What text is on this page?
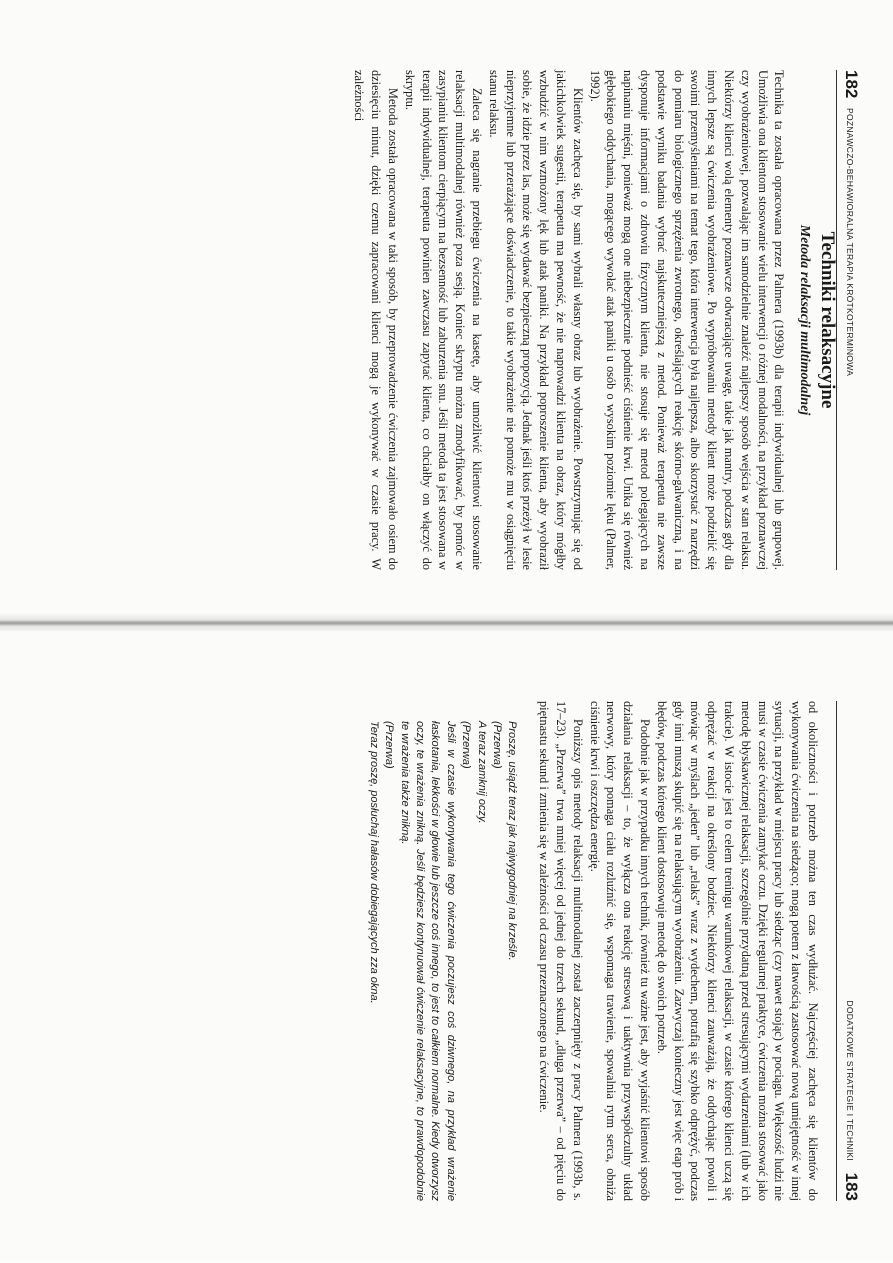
182
POZNAWCZO-BEHAWIORALNA TERAPIA KRÓTKOTERMINOWA
Techniki relaksacyjne
Metoda relaksacji multimodalnej

Technika ta została opracowana przez Palmera (1993b) dla terapii indywidualnej lub grupowej. Umożliwia ona klientom stosowanie wielu interwencji o różnej modalności, na przykład poznawczej czy wyobrażeniowej, pozwalając im samodzielnie znaleźć najlepszy sposób wejścia w stan relaksu. Niektórzy klienci wolą elementy poznawcze odwracające uwagę, takie jak mantry, podczas gdy dla innych lepsze są ćwiczenia wyobrażeniowe. Po wypróbowaniu metody klient może podzielić się swoimi przemyśleniami na temat tego, która interwencja była najlepsza, albo skorzystać z narzędzi do pomiaru biologicznego sprzężenia zwrotnego, określających reakcję skórno-galwaniczną, i na podstawie wyniku badania wybrać najskuteczniejszą z metod. Ponieważ terapeuta nie zawsze dysponuje informacjami o zdrowiu fizycznym klienta, nie stosuje się metod polegających na napinaniu mięśni, ponieważ mogą one niebezpiecznie podnieść ciśnienie krwi. Unika się również głębokiego oddychania, mogącego wywołać atak paniki u osób o wysokim poziomie lęku (Palmer, 1992).

Klientów zachęca się, by sami wybrali własny obraz lub wyobrażenie. Powstrzymując się od jakichkolwiek sugestii, terapeuta ma pewność, że nie naprowadzi klienta na obraz, który mógłby wzbudzić w nim wzmożony lęk lub atak paniki. Na przykład poproszenie klienta, aby wyobraził sobie, że idzie przez las, może się wydawać bezpieczną propozycją. Jednak jeśli ktoś przeżył w lesie nieprzyjemne lub przerażające doświadczenie, to takie wyobrażenie nie pomoże mu w osiągnięciu stanu relaksu.

Zaleca się nagranie przebiegu ćwiczenia na kasetę, aby umożliwić klientowi stosowanie relaksacji multimodalnej również poza sesją. Koniec skryptu można zmodyfikować, by pomóc w zasypianiu klientom cierpiącym na bezsenność lub zaburzenia snu. Jeśli metoda ta jest stosowana w terapii indywidualnej, terapeuta powinien zawczasu zapytać klienta, co chciałby on włączyć do skryptu.

Metoda została opracowana w taki sposób, by przeprowadzenie ćwiczenia zajmowało osiem do dziesięciu minut, dzięki czemu zapracowani klienci mogą je wykonywać w czasie pracy. W zależności

DODATKOWE STRATEGIE I TECHNIKI
183

od okoliczności i potrzeb można ten czas wydłużać. Najczęściej zachęca się klientów do wykonywania ćwiczenia na siedząco; mogą potem z łatwością zastosować nową umiejętność w innej sytuacji, na przykład w miejscu pracy lub siedząc (czy nawet stojąc) w pociągu. Większość ludzi nie musi w czasie ćwiczenia zamykać oczu. Dzięki regularnej praktyce, ćwiczenia można stosować jako metodę błyskawicznej relaksacji, szczególnie przydatną przed stresującymi wydarzeniami (lub w ich trakcie). W istocie jest to celem treningu warunkowej relaksacji, w czasie którego klienci uczą się odprężać w reakcji na określony bodziec. Niektórzy klienci zauważają, że oddychając powoli i mówiąc w myślach „jeden” lub „relaks” wraz z wydechem, potrafią się szybko odprężyć, podczas gdy inni muszą skupić się na relaksującym wyobrażeniu. Zazwyczaj konieczny jest więc etap prób i błędów, podczas którego klient dostosowuje metodę do swoich potrzeb.

Podobnie jak w przypadku innych technik, również tu ważne jest, aby wyjaśnić klientowi sposób działania relaksacji – to, że wyłącza ona reakcję stresową i uaktywnia przywspółczulny układ nerwowy, który pomaga ciału rozluźnić się, wspomaga trawienie, spowalnia rytm serca, obniża ciśnienie krwi i oszczędza energię.

Poniższy opis metody relaksacji multimodalnej został zaczerpnięty z pracy Palmera (1993b, s. 17–23). „Przerwa” trwa mniej więcej od jednej do trzech sekund, „długa przerwa” – od pięciu do piętnastu sekund i zmienia się w zależności od czasu przeznaczonego na ćwiczenie.

Proszę, usiądź teraz jak najwygodniej na krześle.
(Przerwa)
A teraz zamknij oczy.
(Przerwa)
Jeśli w czasie wykonywania tego ćwiczenia poczujesz coś dziwnego, na przykład wrażenie łaskotania, lekkości w głowie lub jeszcze coś innego, to jest to całkiem normalne. Kiedy otworzysz oczy, te wrażenia znikną. Jeśli będziesz kontynuował ćwiczenie relaksacyjne, to prawdopodobnie te wrażenia także znikną.
(Przerwa)
Teraz proszę, posłuchaj hałasów dobiegających zza okna.
